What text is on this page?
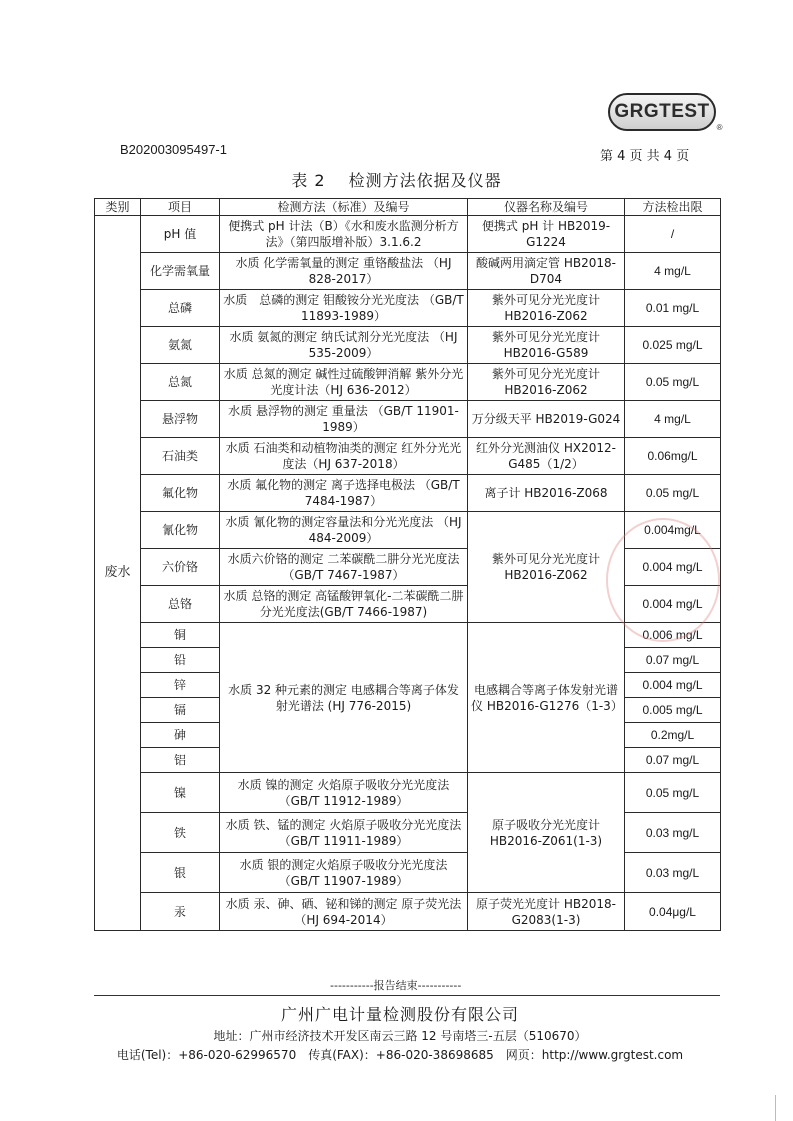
GRGTEST
®
B202003095497-1	第 4 页 共 4 页
表 2　 检测方法依据及仪器
类别	项目	检测方法（标准）及编号	仪器名称及编号	方法检出限
废水	pH 值	便携式 pH 计法（B）《水和废水监测分析方法》（第四版增补版）3.1.6.2	便携式 pH 计 HB2019-G1224	/
	化学需氧量	水质 化学需氧量的测定 重铬酸盐法 （HJ 828-2017）	酸碱两用滴定管 HB2018-D704	4 mg/L
	总磷	水质　总磷的测定 钼酸铵分光光度法 （GB/T 11893-1989）	紫外可见分光光度计 HB2016-Z062	0.01 mg/L
	氨氮	水质 氨氮的测定 纳氏试剂分光光度法 （HJ 535-2009）	紫外可见分光光度计 HB2016-G589	0.025 mg/L
	总氮	水质 总氮的测定 碱性过硫酸钾消解 紫外分光光度计法（HJ 636-2012）	紫外可见分光光度计 HB2016-Z062	0.05 mg/L
	悬浮物	水质 悬浮物的测定 重量法 （GB/T 11901-1989）	万分级天平 HB2019-G024	4 mg/L
	石油类	水质 石油类和动植物油类的测定 红外分光光度法（HJ 637-2018）	红外分光测油仪 HX2012-G485（1/2）	0.06mg/L
	氟化物	水质 氟化物的测定 离子选择电极法 （GB/T 7484-1987）	离子计 HB2016-Z068	0.05 mg/L
	氰化物	水质 氰化物的测定容量法和分光光度法 （HJ 484-2009）	紫外可见分光光度计 HB2016-Z062	0.004mg/L
	六价铬	水质六价铬的测定 二苯碳酰二肼分光光度法 （GB/T 7467-1987）		0.004 mg/L
	总铬	水质 总铬的测定 高锰酸钾氧化-二苯碳酰二肼分光光度法(GB/T 7466-1987)		0.004 mg/L
	铜	水质 32 种元素的测定 电感耦合等离子体发射光谱法 (HJ 776-2015)	电感耦合等离子体发射光谱仪 HB2016-G1276（1-3）	0.006 mg/L
	铅			0.07 mg/L
	锌			0.004 mg/L
	镉			0.005 mg/L
	砷			0.2mg/L
	铝			0.07 mg/L
	镍	水质 镍的测定 火焰原子吸收分光光度法 （GB/T 11912-1989）	原子吸收分光光度计 HB2016-Z061(1-3)	0.05 mg/L
	铁	水质 铁、锰的测定 火焰原子吸收分光光度法 （GB/T 11911-1989）		0.03 mg/L
	银	水质 银的测定火焰原子吸收分光光度法 （GB/T 11907-1989）		0.03 mg/L
	汞	水质 汞、砷、硒、铋和锑的测定 原子荧光法 （HJ 694-2014）	原子荧光光度计 HB2018-G2083(1-3)	0.04μg/L
-----------报告结束-----------
广州广电计量检测股份有限公司
地址：广州市经济技术开发区南云三路 12 号南塔三-五层（510670）
电话(Tel)：+86-020-62996570　传真(FAX)：+86-020-38698685　网页：http://www.grgtest.com
